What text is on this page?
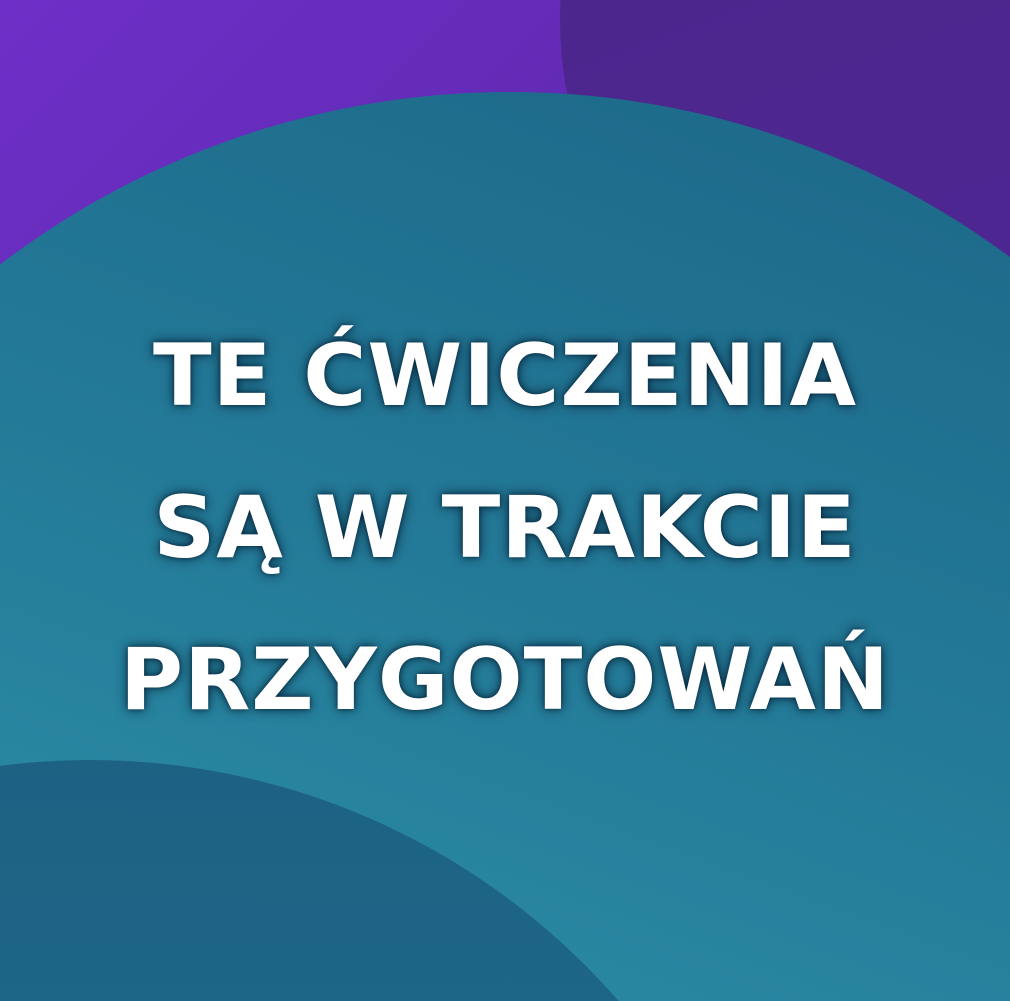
TE ĆWICZENIA
SĄ W TRAKCIE
PRZYGOTOWAŃ
